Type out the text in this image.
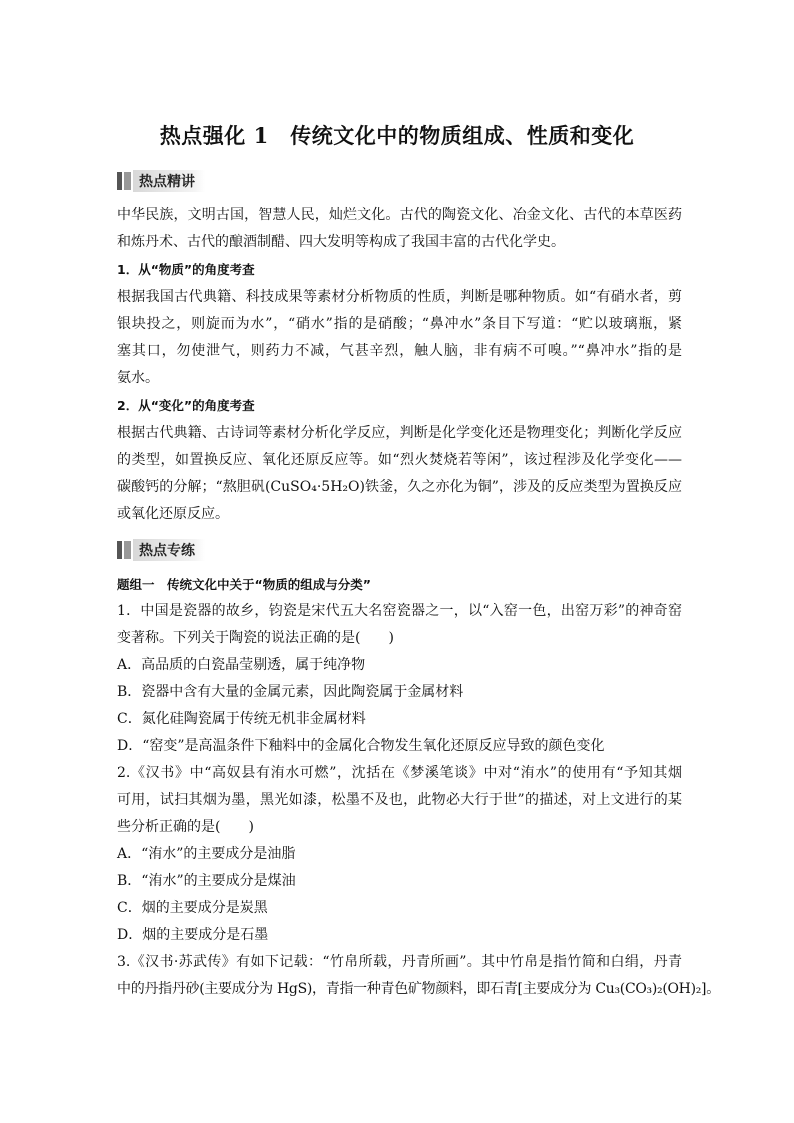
热点强化 1　传统文化中的物质组成、性质和变化
热点精讲
中华民族，文明古国，智慧人民，灿烂文化。古代的陶瓷文化、冶金文化、古代的本草医药
和炼丹术、古代的酿酒制醋、四大发明等构成了我国丰富的古代化学史。
1．从“物质”的角度考查
根据我国古代典籍、科技成果等素材分析物质的性质，判断是哪种物质。如“有硝水者，剪
银块投之，则旋而为水”，“硝水”指的是硝酸；“鼻冲水”条目下写道：“贮以玻璃瓶，紧
塞其口，勿使泄气，则药力不减，气甚辛烈，触人脑，非有病不可嗅。”“鼻冲水”指的是
氨水。
2．从“变化”的角度考查
根据古代典籍、古诗词等素材分析化学反应，判断是化学变化还是物理变化；判断化学反应
的类型，如置换反应、氧化还原反应等。如“烈火焚烧若等闲”，该过程涉及化学变化——
碳酸钙的分解；“熬胆矾(CuSO₄·5H₂O)铁釜，久之亦化为铜”，涉及的反应类型为置换反应
或氧化还原反应。
热点专练
题组一　传统文化中关于“物质的组成与分类”
1．中国是瓷器的故乡，钧瓷是宋代五大名窑瓷器之一，以“入窑一色，出窑万彩”的神奇窑
变著称。下列关于陶瓷的说法正确的是(　　)
A．高品质的白瓷晶莹剔透，属于纯净物
B．瓷器中含有大量的金属元素，因此陶瓷属于金属材料
C．氮化硅陶瓷属于传统无机非金属材料
D．“窑变”是高温条件下釉料中的金属化合物发生氧化还原反应导致的颜色变化
2.《汉书》中“高奴县有洧水可燃”，沈括在《梦溪笔谈》中对“洧水”的使用有“予知其烟
可用，试扫其烟为墨，黑光如漆，松墨不及也，此物必大行于世”的描述，对上文进行的某
些分析正确的是(　　)
A．“洧水”的主要成分是油脂
B．“洧水”的主要成分是煤油
C．烟的主要成分是炭黑
D．烟的主要成分是石墨
3.《汉书·苏武传》有如下记载：“竹帛所载，丹青所画”。其中竹帛是指竹简和白绢，丹青
中的丹指丹砂(主要成分为 HgS)，青指一种青色矿物颜料，即石青[主要成分为 Cu₃(CO₃)₂(OH)₂]。
